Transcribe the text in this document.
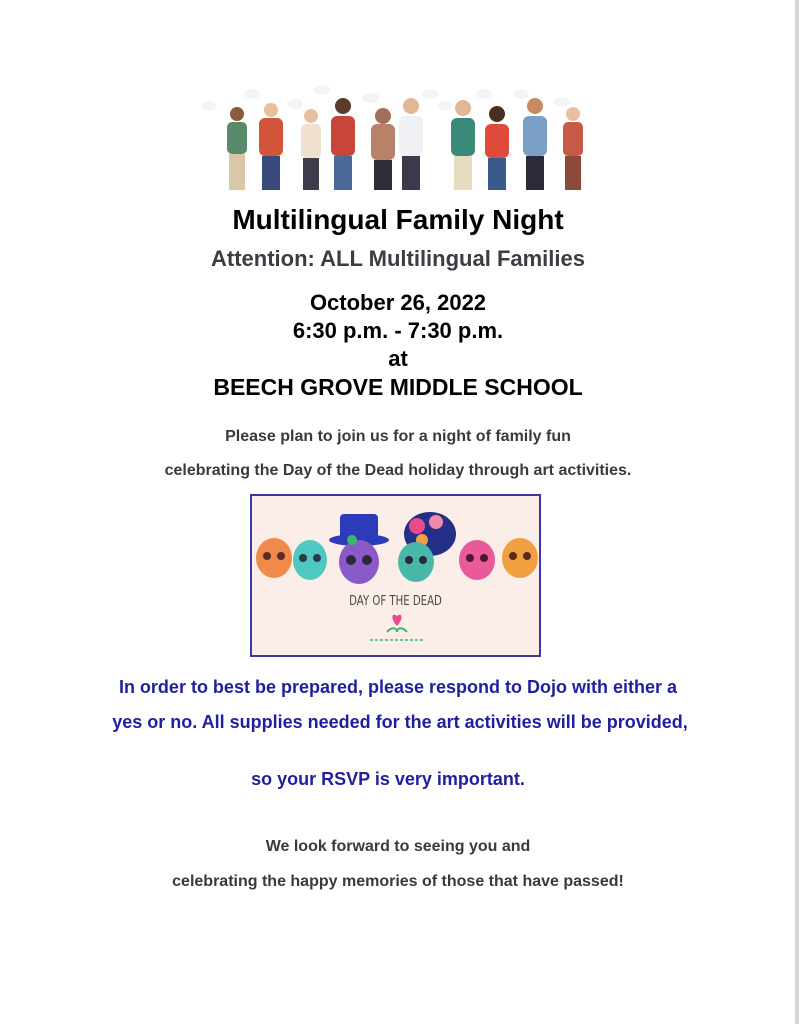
Multilingual Family Night
Attention: ALL Multilingual Families
October 26, 2022
6:30 p.m. - 7:30 p.m.
at
BEECH GROVE MIDDLE SCHOOL
Please plan to join us for a night of family fun
celebrating the Day of the Dead holiday through art activities.
DAY OF THE DEAD
In order to best be prepared, please respond to Dojo with either a
yes or no. All supplies needed for the art activities will be provided,
so your RSVP is very important.
We look forward to seeing you and
celebrating the happy memories of those that have passed!
